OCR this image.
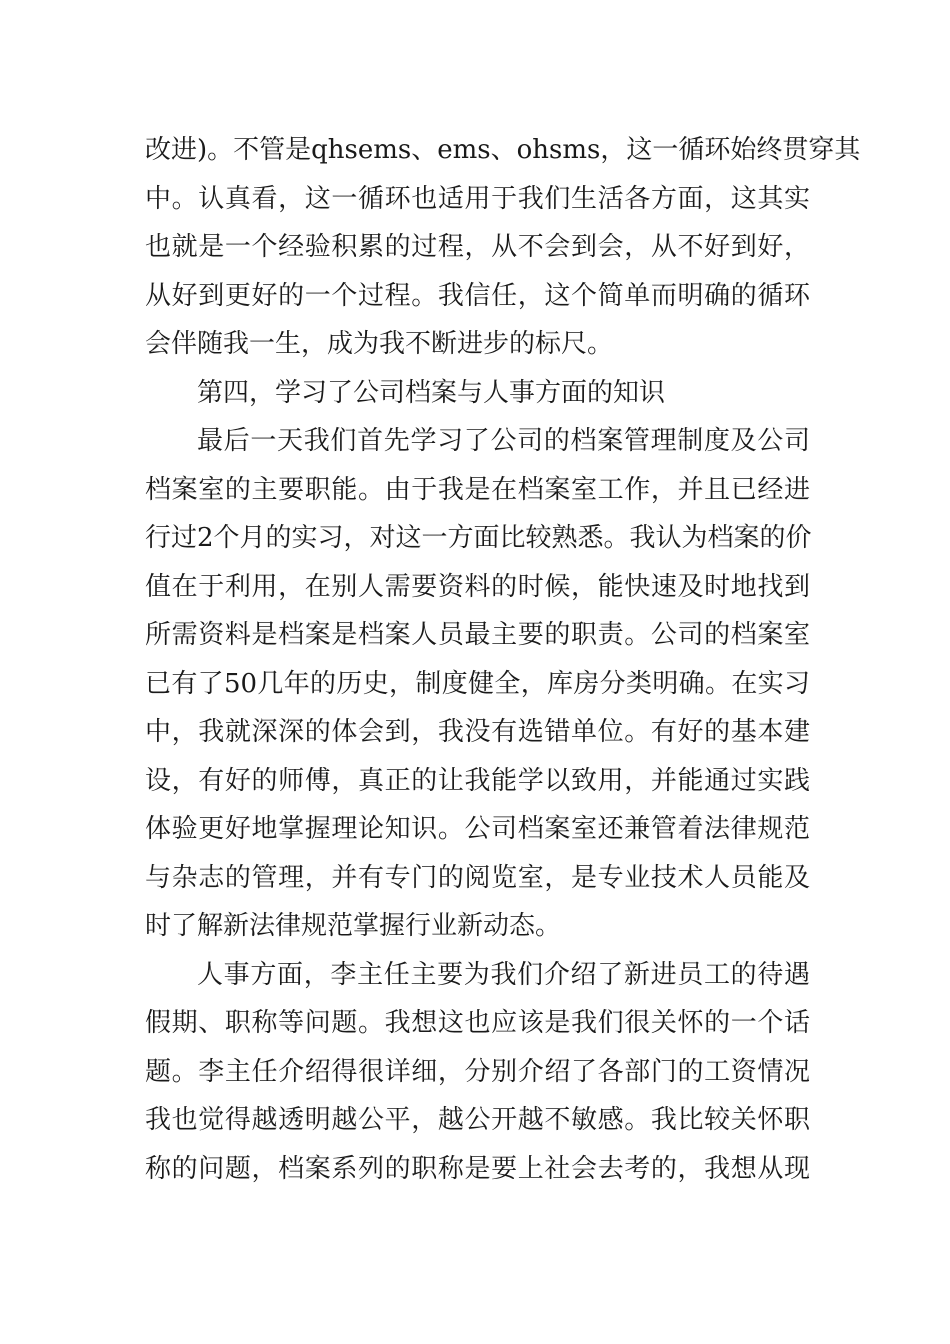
改进)。不管是qhsems、ems、ohsms，这一循环始终贯穿其
中。认真看，这一循环也适用于我们生活各方面，这其实
也就是一个经验积累的过程，从不会到会，从不好到好，
从好到更好的一个过程。我信任，这个简单而明确的循环
会伴随我一生，成为我不断进步的标尺。
第四，学习了公司档案与人事方面的知识
最后一天我们首先学习了公司的档案管理制度及公司
档案室的主要职能。由于我是在档案室工作，并且已经进
行过2个月的实习，对这一方面比较熟悉。我认为档案的价
值在于利用，在别人需要资料的时候，能快速及时地找到
所需资料是档案是档案人员最主要的职责。公司的档案室
已有了50几年的历史，制度健全，库房分类明确。在实习
中，我就深深的体会到，我没有选错单位。有好的基本建
设，有好的师傅，真正的让我能学以致用，并能通过实践
体验更好地掌握理论知识。公司档案室还兼管着法律规范
与杂志的管理，并有专门的阅览室，是专业技术人员能及
时了解新法律规范掌握行业新动态。
人事方面，李主任主要为我们介绍了新进员工的待遇
假期、职称等问题。我想这也应该是我们很关怀的一个话
题。李主任介绍得很详细，分别介绍了各部门的工资情况
我也觉得越透明越公平，越公开越不敏感。我比较关怀职
称的问题，档案系列的职称是要上社会去考的，我想从现
